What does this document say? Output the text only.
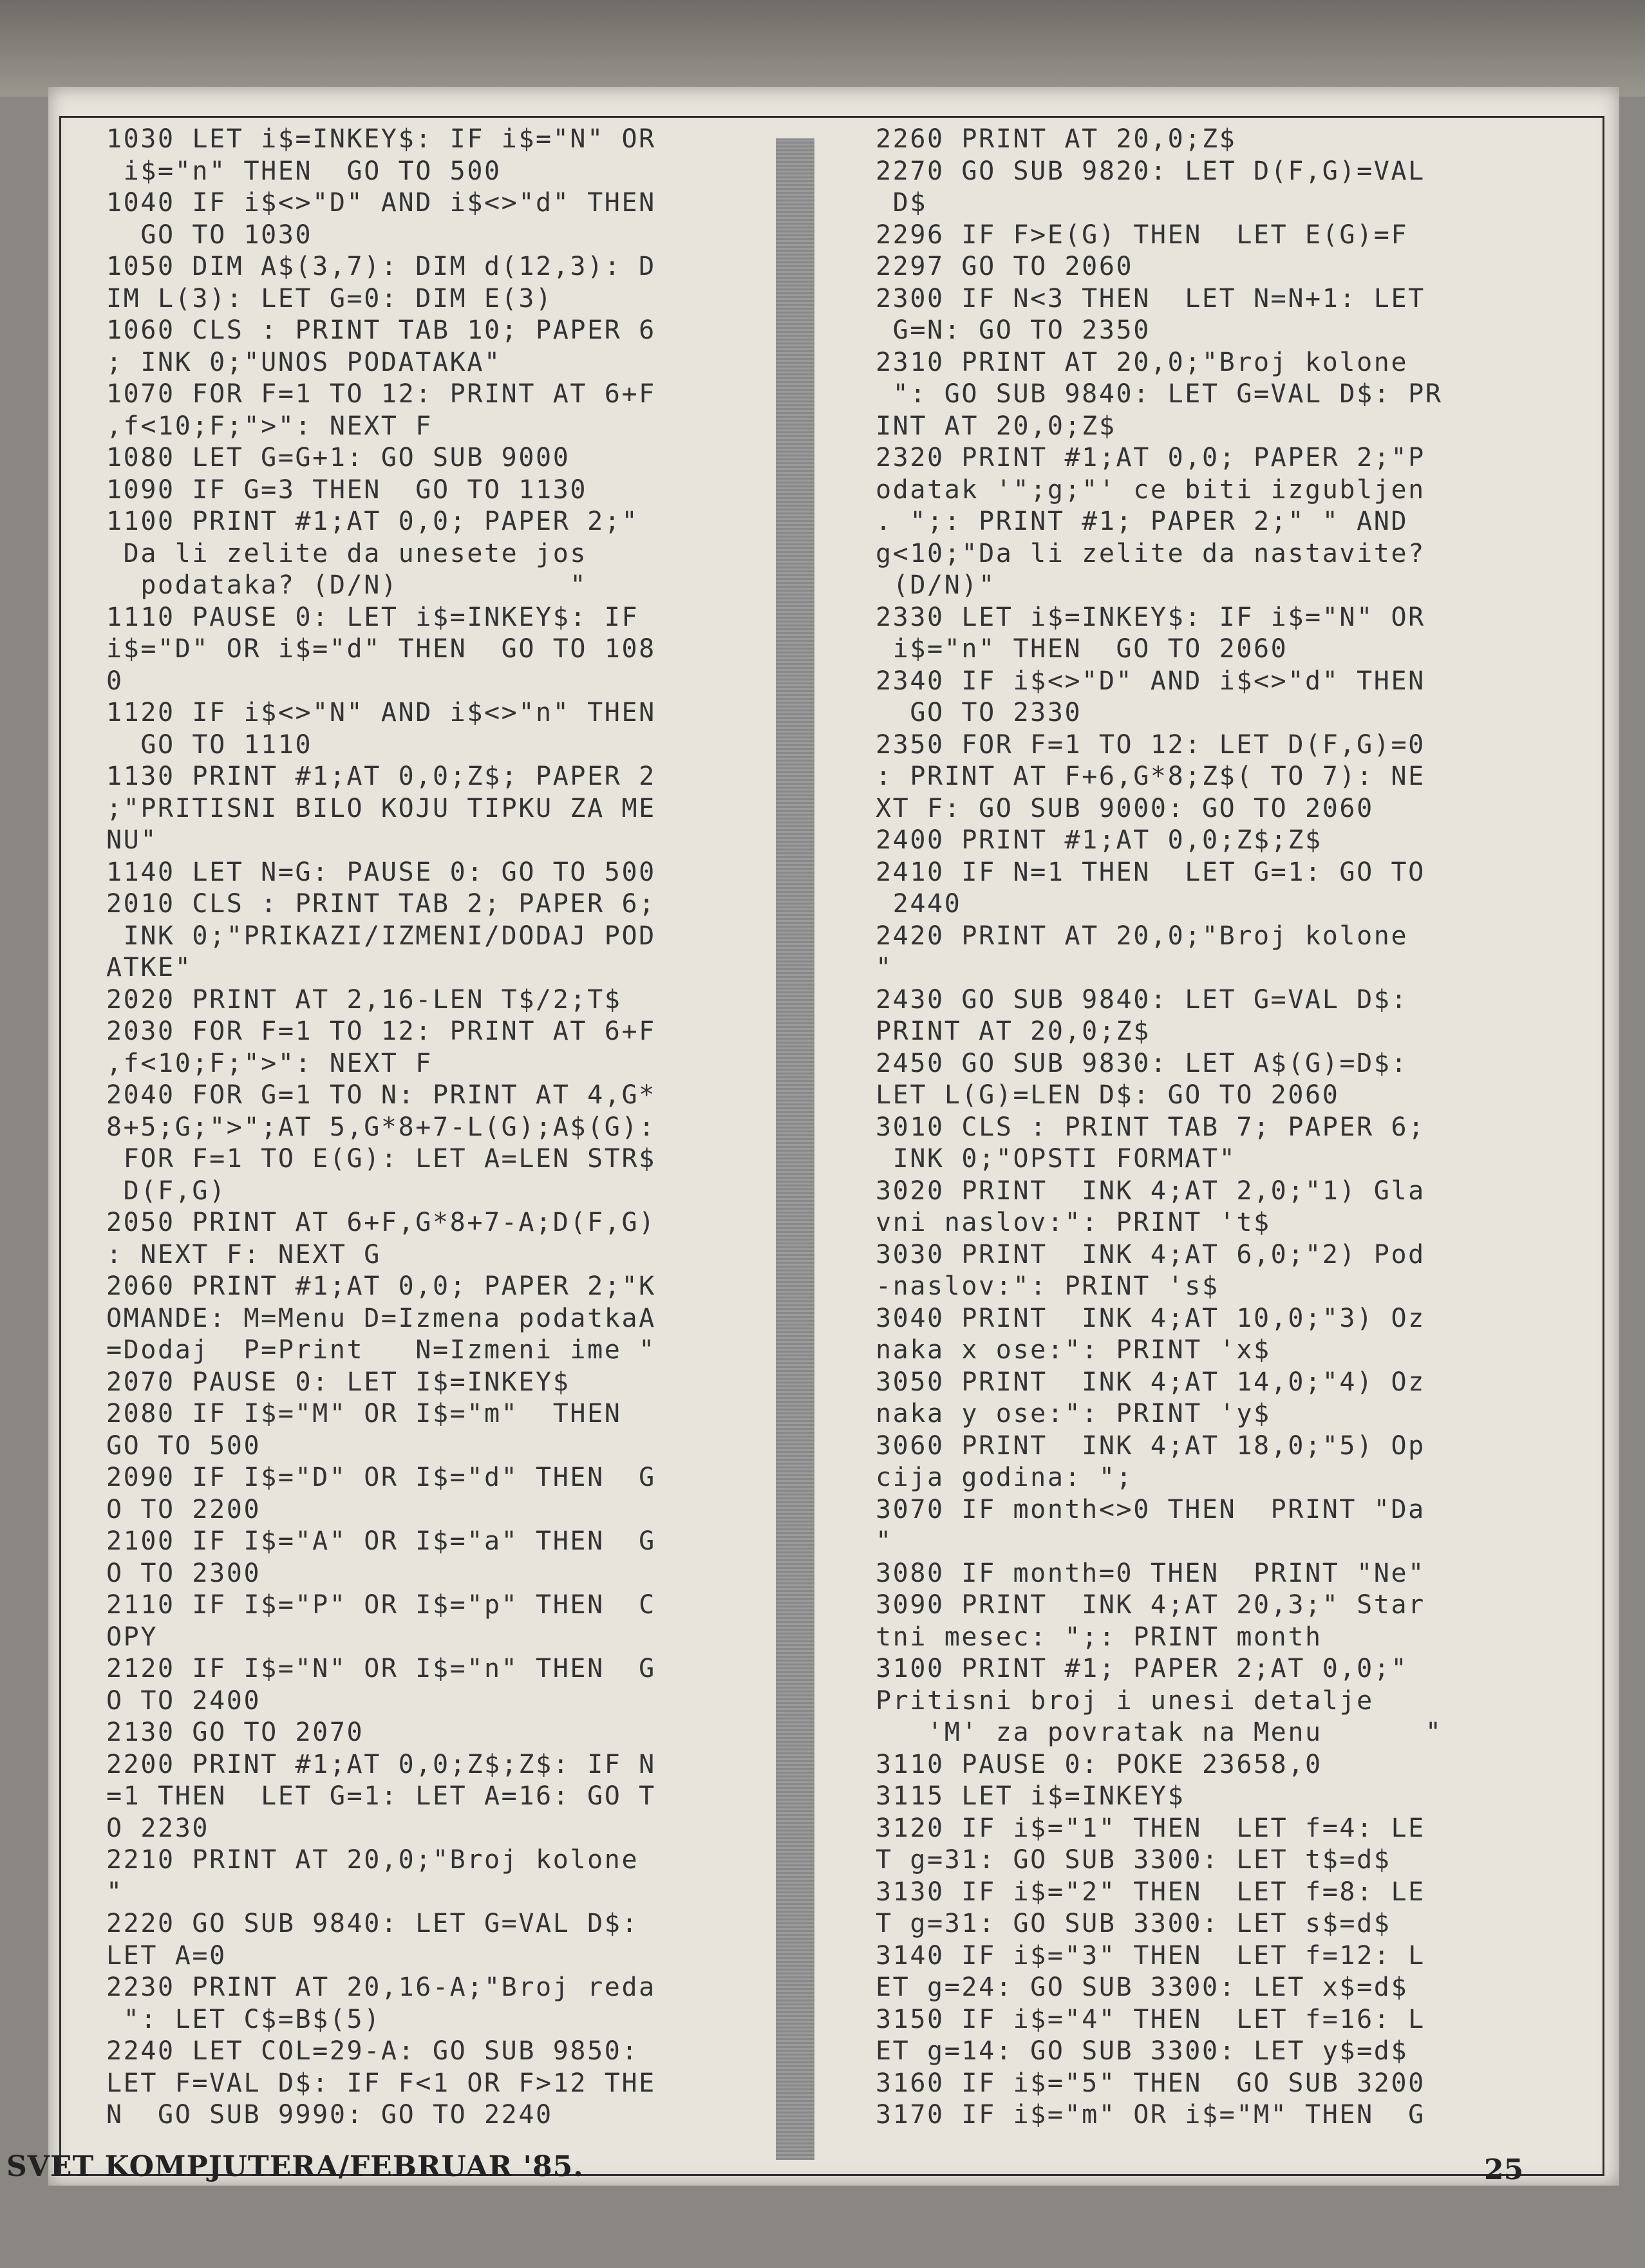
1030 LET i$=INKEY$: IF i$="N" OR
i$="n" THEN  GO TO 500
1040 IF i$<>"D" AND i$<>"d" THEN
GO TO 1030
1050 DIM A$(3,7): DIM d(12,3): D
IM L(3): LET G=0: DIM E(3)
1060 CLS : PRINT TAB 10; PAPER 6
; INK 0;"UNOS PODATAKA"
1070 FOR F=1 TO 12: PRINT AT 6+F
,f<10;F;">": NEXT F
1080 LET G=G+1: GO SUB 9000
1090 IF G=3 THEN  GO TO 1130
1100 PRINT #1;AT 0,0; PAPER 2;"
Da li zelite da unesete jos
podataka? (D/N)          "
1110 PAUSE 0: LET i$=INKEY$: IF
i$="D" OR i$="d" THEN  GO TO 108
0
1120 IF i$<>"N" AND i$<>"n" THEN
GO TO 1110
1130 PRINT #1;AT 0,0;Z$; PAPER 2
;"PRITISNI BILO KOJU TIPKU ZA ME
NU"
1140 LET N=G: PAUSE 0: GO TO 500
2010 CLS : PRINT TAB 2; PAPER 6;
INK 0;"PRIKAZI/IZMENI/DODAJ POD
ATKE"
2020 PRINT AT 2,16-LEN T$/2;T$
2030 FOR F=1 TO 12: PRINT AT 6+F
,f<10;F;">": NEXT F
2040 FOR G=1 TO N: PRINT AT 4,G*
8+5;G;">";AT 5,G*8+7-L(G);A$(G):
FOR F=1 TO E(G): LET A=LEN STR$
D(F,G)
2050 PRINT AT 6+F,G*8+7-A;D(F,G)
: NEXT F: NEXT G
2060 PRINT #1;AT 0,0; PAPER 2;"K
OMANDE: M=Menu D=Izmena podatkaA
=Dodaj  P=Print   N=Izmeni ime "
2070 PAUSE 0: LET I$=INKEY$
2080 IF I$="M" OR I$="m"  THEN
GO TO 500
2090 IF I$="D" OR I$="d" THEN  G
O TO 2200
2100 IF I$="A" OR I$="a" THEN  G
O TO 2300
2110 IF I$="P" OR I$="p" THEN  C
OPY
2120 IF I$="N" OR I$="n" THEN  G
O TO 2400
2130 GO TO 2070
2200 PRINT #1;AT 0,0;Z$;Z$: IF N
=1 THEN  LET G=1: LET A=16: GO T
O 2230
2210 PRINT AT 20,0;"Broj kolone
"
2220 GO SUB 9840: LET G=VAL D$:
LET A=0
2230 PRINT AT 20,16-A;"Broj reda
": LET C$=B$(5)
2240 LET COL=29-A: GO SUB 9850:
LET F=VAL D$: IF F<1 OR F>12 THE
N  GO SUB 9990: GO TO 2240
2260 PRINT AT 20,0;Z$
2270 GO SUB 9820: LET D(F,G)=VAL
D$
2296 IF F>E(G) THEN  LET E(G)=F
2297 GO TO 2060
2300 IF N<3 THEN  LET N=N+1: LET
G=N: GO TO 2350
2310 PRINT AT 20,0;"Broj kolone
": GO SUB 9840: LET G=VAL D$: PR
INT AT 20,0;Z$
2320 PRINT #1;AT 0,0; PAPER 2;"P
odatak '";g;"' ce biti izgubljen
. ";: PRINT #1; PAPER 2;" " AND
g<10;"Da li zelite da nastavite?
(D/N)"
2330 LET i$=INKEY$: IF i$="N" OR
i$="n" THEN  GO TO 2060
2340 IF i$<>"D" AND i$<>"d" THEN
GO TO 2330
2350 FOR F=1 TO 12: LET D(F,G)=0
: PRINT AT F+6,G*8;Z$( TO 7): NE
XT F: GO SUB 9000: GO TO 2060
2400 PRINT #1;AT 0,0;Z$;Z$
2410 IF N=1 THEN  LET G=1: GO TO
2440
2420 PRINT AT 20,0;"Broj kolone
"
2430 GO SUB 9840: LET G=VAL D$:
PRINT AT 20,0;Z$
2450 GO SUB 9830: LET A$(G)=D$:
LET L(G)=LEN D$: GO TO 2060
3010 CLS : PRINT TAB 7; PAPER 6;
INK 0;"OPSTI FORMAT"
3020 PRINT  INK 4;AT 2,0;"1) Gla
vni naslov:": PRINT 't$
3030 PRINT  INK 4;AT 6,0;"2) Pod
-naslov:": PRINT 's$
3040 PRINT  INK 4;AT 10,0;"3) Oz
naka x ose:": PRINT 'x$
3050 PRINT  INK 4;AT 14,0;"4) Oz
naka y ose:": PRINT 'y$
3060 PRINT  INK 4;AT 18,0;"5) Op
cija godina: ";
3070 IF month<>0 THEN  PRINT "Da
"
3080 IF month=0 THEN  PRINT "Ne"
3090 PRINT  INK 4;AT 20,3;" Star
tni mesec: ";: PRINT month
3100 PRINT #1; PAPER 2;AT 0,0;"
Pritisni broj i unesi detalje
'M' za povratak na Menu      "
3110 PAUSE 0: POKE 23658,0
3115 LET i$=INKEY$
3120 IF i$="1" THEN  LET f=4: LE
T g=31: GO SUB 3300: LET t$=d$
3130 IF i$="2" THEN  LET f=8: LE
T g=31: GO SUB 3300: LET s$=d$
3140 IF i$="3" THEN  LET f=12: L
ET g=24: GO SUB 3300: LET x$=d$
3150 IF i$="4" THEN  LET f=16: L
ET g=14: GO SUB 3300: LET y$=d$
3160 IF i$="5" THEN  GO SUB 3200
3170 IF i$="m" OR i$="M" THEN  G
SVET KOMPJUTERA/FEBRUAR '85.	25
